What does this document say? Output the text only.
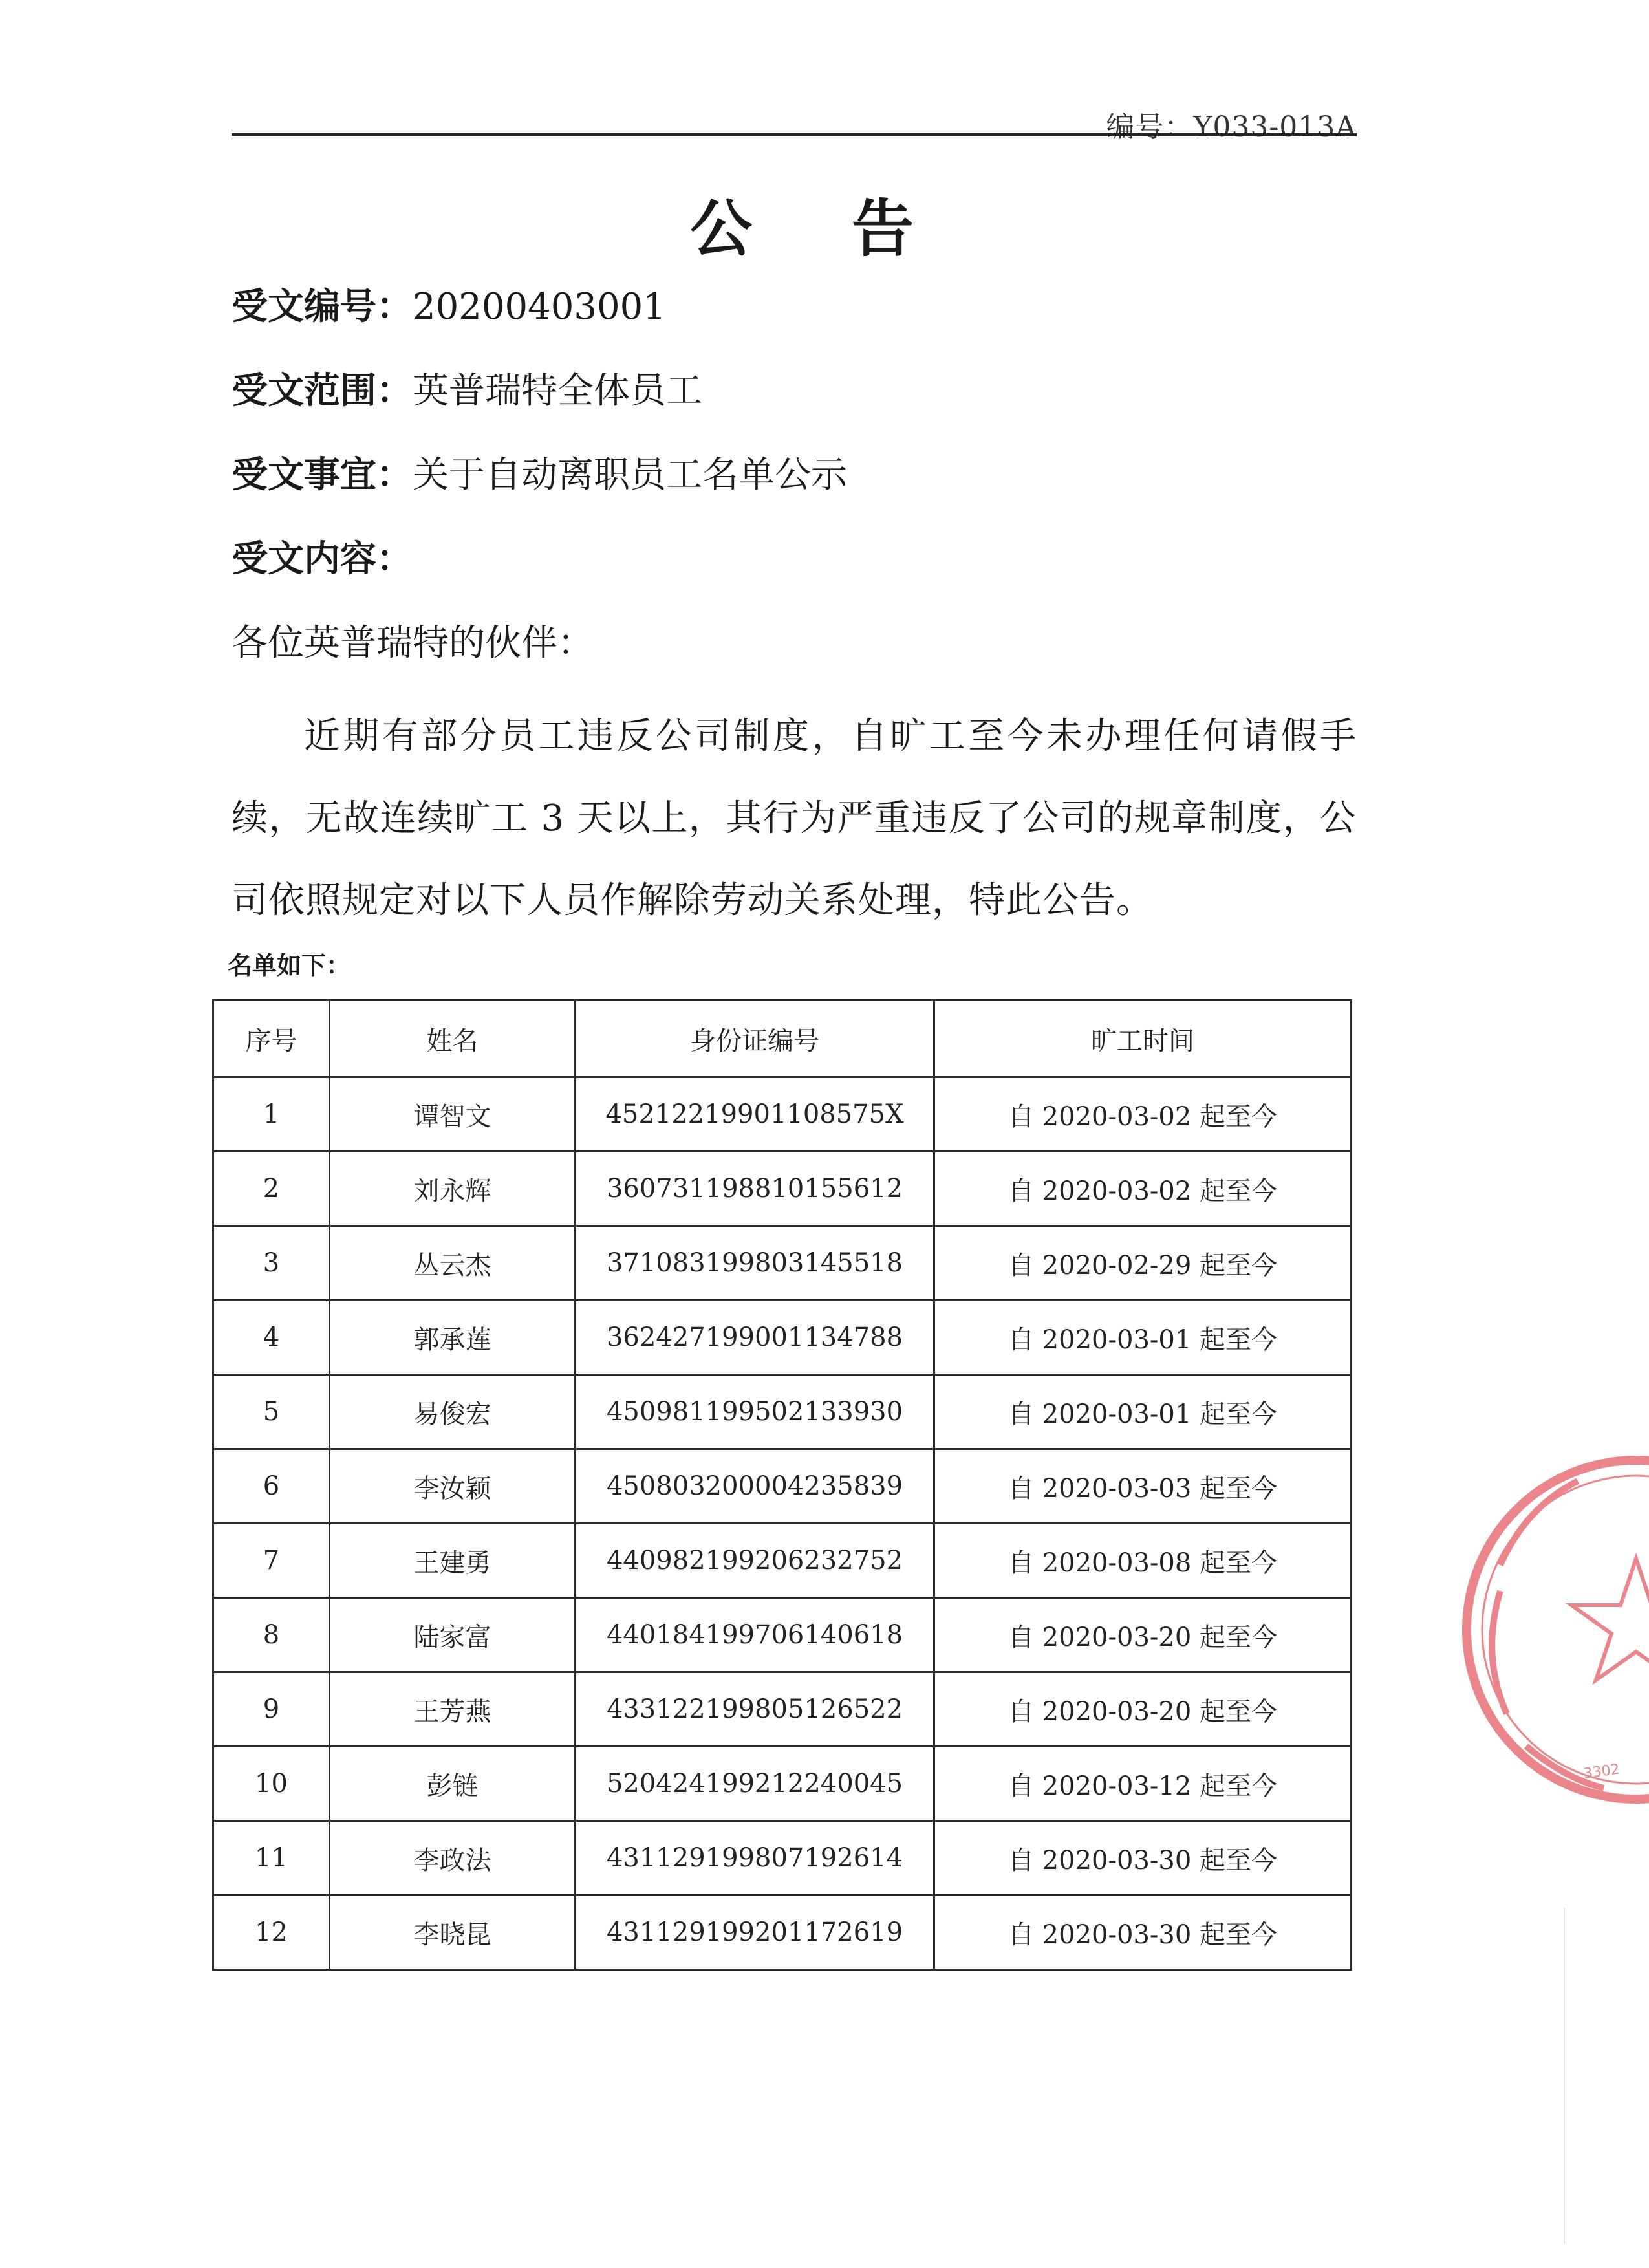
编号：Y033-013A
公 告
受文编号：20200403001
受文范围：英普瑞特全体员工
受文事宜：关于自动离职员工名单公示
受文内容：
各位英普瑞特的伙伴：
近期有部分员工违反公司制度，自旷工至今未办理任何请假手续，无故连续旷工 3 天以上，其行为严重违反了公司的规章制度，公司依照规定对以下人员作解除劳动关系处理，特此公告。
名单如下：
序号	姓名	身份证编号	旷工时间
1	谭智文	45212219901108575X	自 2020-03-02 起至今
2	刘永辉	360731198810155612	自 2020-03-02 起至今
3	丛云杰	371083199803145518	自 2020-02-29 起至今
4	郭承莲	362427199001134788	自 2020-03-01 起至今
5	易俊宏	450981199502133930	自 2020-03-01 起至今
6	李汝颖	450803200004235839	自 2020-03-03 起至今
7	王建勇	440982199206232752	自 2020-03-08 起至今
8	陆家富	440184199706140618	自 2020-03-20 起至今
9	王芳燕	433122199805126522	自 2020-03-20 起至今
10	彭链	520424199212240045	自 2020-03-12 起至今
11	李政法	431129199807192614	自 2020-03-30 起至今
12	李晓昆	431129199201172619	自 2020-03-30 起至今
3302
